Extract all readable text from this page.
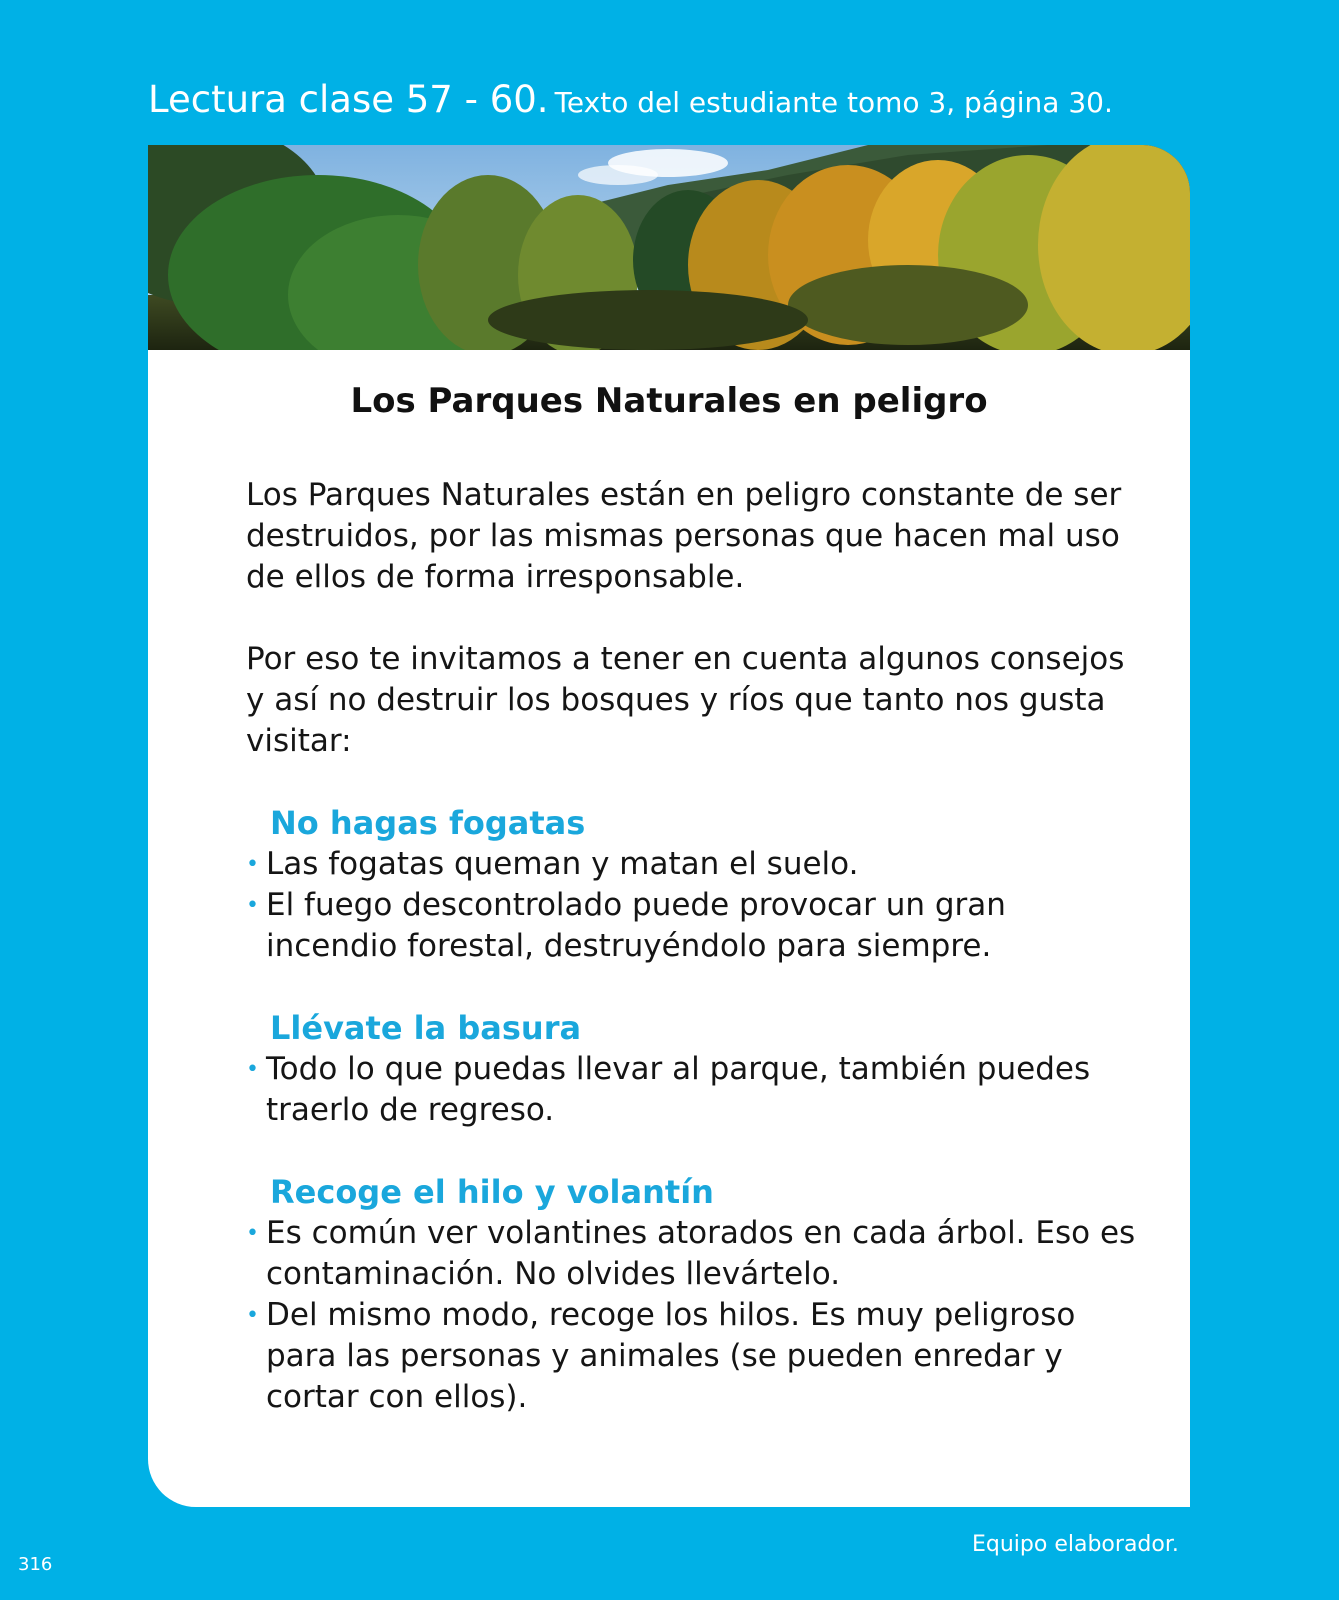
Lectura clase 57 - 60. Texto del estudiante tomo 3, página 30.
Los Parques Naturales en peligro

Los Parques Naturales están en peligro constante de ser destruidos, por las mismas personas que hacen mal uso de ellos de forma irresponsable.

Por eso te invitamos a tener en cuenta algunos consejos y así no destruir los bosques y ríos que tanto nos gusta visitar:

No hagas fogatas
• Las fogatas queman y matan el suelo.
• El fuego descontrolado puede provocar un gran incendio forestal, destruyéndolo para siempre.
Llévate la basura
• Todo lo que puedas llevar al parque, también puedes traerlo de regreso.
Recoge el hilo y volantín
• Es común ver volantines atorados en cada árbol. Eso es contaminación. No olvides llevártelo.
• Del mismo modo, recoge los hilos. Es muy peligroso para las personas y animales (se pueden enredar y cortar con ellos).
316
Equipo elaborador.
